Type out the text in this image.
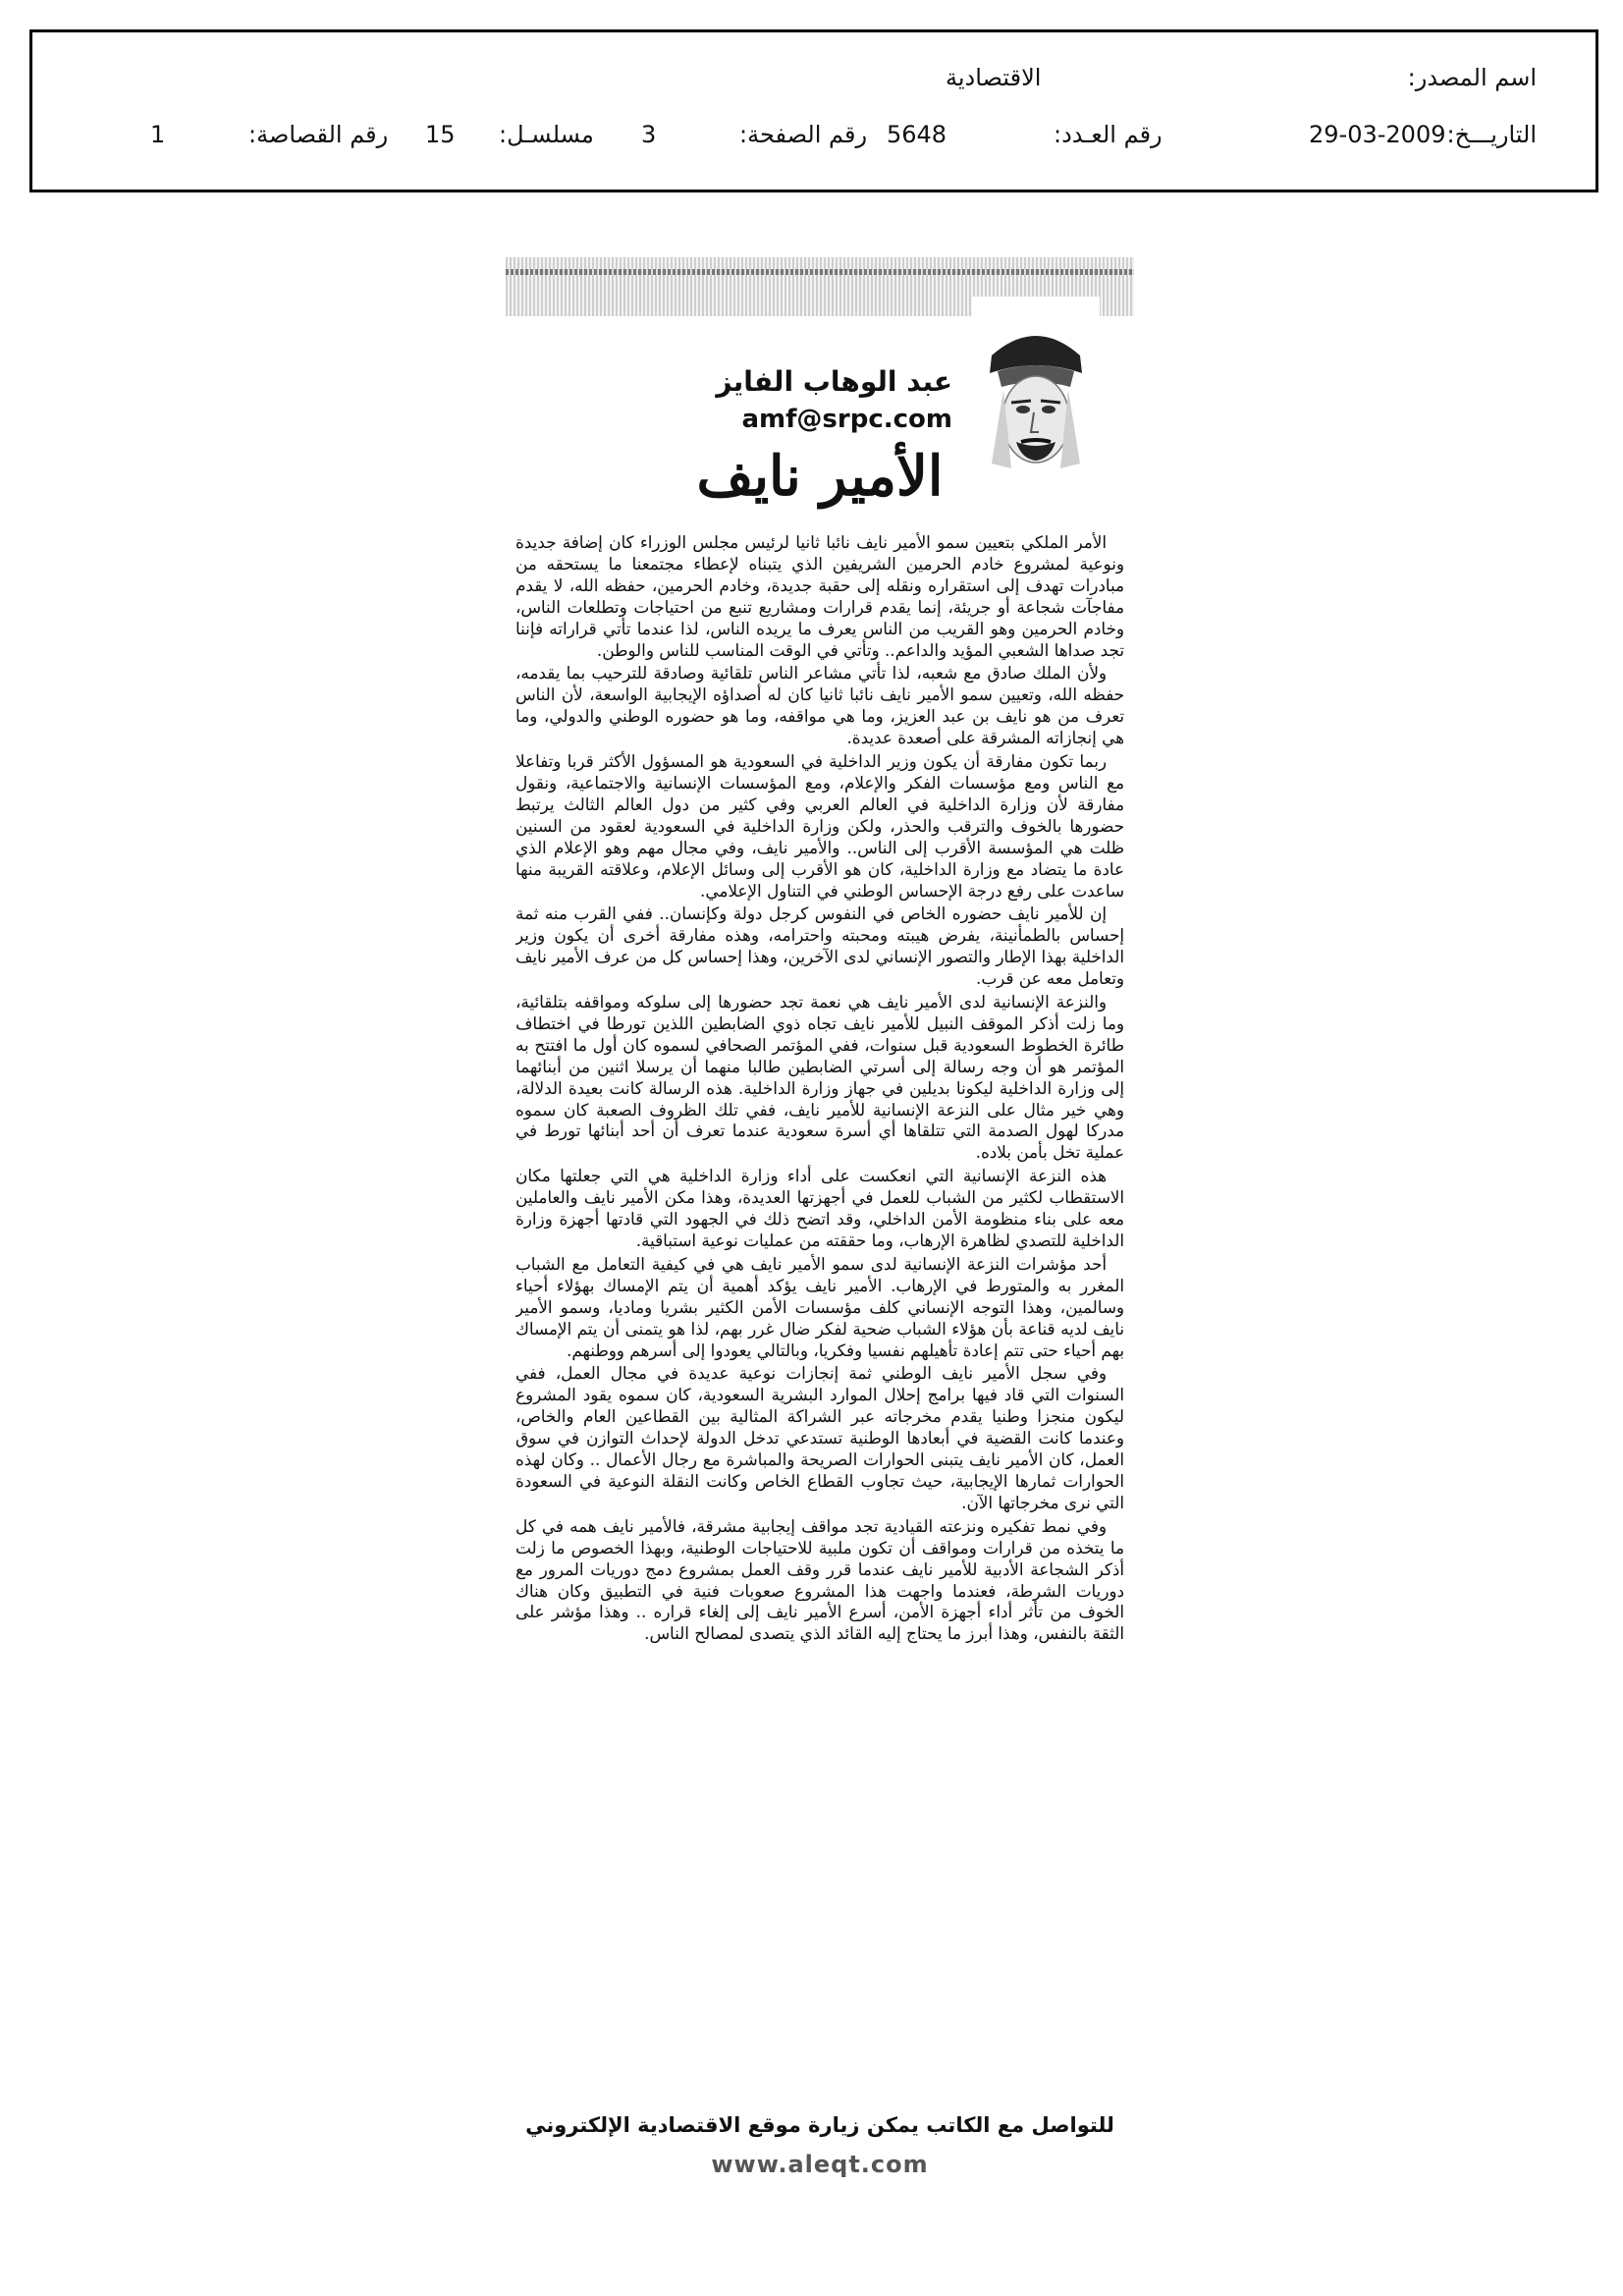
اسم المصدر:
الاقتصادية
التاريـــخ:
29-03-2009
رقم العـدد:
5648
رقم الصفحة:
3
مسلسـل:
15
رقم القصاصة:
1
عبد الوهاب الفايز
amf@srpc.com
الأمير نايف

الأمر الملكي بتعيين سمو الأمير نايف نائبا ثانيا لرئيس مجلس الوزراء كان إضافة جديدة ونوعية لمشروع خادم الحرمين الشريفين الذي يتبناه لإعطاء مجتمعنا ما يستحقه من مبادرات تهدف إلى استقراره ونقله إلى حقبة جديدة، وخادم الحرمين، حفظه الله، لا يقدم مفاجآت شجاعة أو جريئة، إنما يقدم قرارات ومشاريع تنبع من احتياجات وتطلعات الناس، وخادم الحرمين وهو القريب من الناس يعرف ما يريده الناس، لذا عندما تأتي قراراته فإننا تجد صداها الشعبي المؤيد والداعم.. وتأتي في الوقت المناسب للناس والوطن.

ولأن الملك صادق مع شعبه، لذا تأتي مشاعر الناس تلقائية وصادقة للترحيب بما يقدمه، حفظه الله، وتعيين سمو الأمير نايف نائبا ثانيا كان له أصداؤه الإيجابية الواسعة، لأن الناس تعرف من هو نايف بن عبد العزيز، وما هي مواقفه، وما هو حضوره الوطني والدولي، وما هي إنجازاته المشرقة على أصعدة عديدة.

ربما تكون مفارقة أن يكون وزير الداخلية في السعودية هو المسؤول الأكثر قربا وتفاعلا مع الناس ومع مؤسسات الفكر والإعلام، ومع المؤسسات الإنسانية والاجتماعية، ونقول مفارقة لأن وزارة الداخلية في العالم العربي وفي كثير من دول العالم الثالث يرتبط حضورها بالخوف والترقب والحذر، ولكن وزارة الداخلية في السعودية لعقود من السنين ظلت هي المؤسسة الأقرب إلى الناس.. والأمير نايف، وفي مجال مهم وهو الإعلام الذي عادة ما يتضاد مع وزارة الداخلية، كان هو الأقرب إلى وسائل الإعلام، وعلاقته القريبة منها ساعدت على رفع درجة الإحساس الوطني في التناول الإعلامي.

إن للأمير نايف حضوره الخاص في النفوس كرجل دولة وكإنسان.. ففي القرب منه ثمة إحساس بالطمأنينة، يفرض هيبته ومحبته واحترامه، وهذه مفارقة أخرى أن يكون وزير الداخلية بهذا الإطار والتصور الإنساني لدى الآخرين، وهذا إحساس كل من عرف الأمير نايف وتعامل معه عن قرب.

والنزعة الإنسانية لدى الأمير نايف هي نعمة تجد حضورها إلى سلوكه ومواقفه بتلقائية، وما زلت أذكر الموقف النبيل للأمير نايف تجاه ذوي الضابطين اللذين تورطا في اختطاف طائرة الخطوط السعودية قبل سنوات، ففي المؤتمر الصحافي لسموه كان أول ما افتتح به المؤتمر هو أن وجه رسالة إلى أسرتي الضابطين طالبا منهما أن يرسلا اثنين من أبنائهما إلى وزارة الداخلية ليكونا بديلين في جهاز وزارة الداخلية. هذه الرسالة كانت بعيدة الدلالة، وهي خير مثال على النزعة الإنسانية للأمير نايف، ففي تلك الظروف الصعبة كان سموه مدركا لهول الصدمة التي تتلقاها أي أسرة سعودية عندما تعرف أن أحد أبنائها تورط في عملية تخل بأمن بلاده.

هذه النزعة الإنسانية التي انعكست على أداء وزارة الداخلية هي التي جعلتها مكان الاستقطاب لكثير من الشباب للعمل في أجهزتها العديدة، وهذا مكن الأمير نايف والعاملين معه على بناء منظومة الأمن الداخلي، وقد اتضح ذلك في الجهود التي قادتها أجهزة وزارة الداخلية للتصدي لظاهرة الإرهاب، وما حققته من عمليات نوعية استباقية.

أحد مؤشرات النزعة الإنسانية لدى سمو الأمير نايف هي في كيفية التعامل مع الشباب المغرر به والمتورط في الإرهاب. الأمير نايف يؤكد أهمية أن يتم الإمساك بهؤلاء أحياء وسالمين، وهذا التوجه الإنساني كلف مؤسسات الأمن الكثير بشريا وماديا، وسمو الأمير نايف لديه قناعة بأن هؤلاء الشباب ضحية لفكر ضال غرر بهم، لذا هو يتمنى أن يتم الإمساك بهم أحياء حتى تتم إعادة تأهيلهم نفسيا وفكريا، وبالتالي يعودوا إلى أسرهم ووطنهم.

وفي سجل الأمير نايف الوطني ثمة إنجازات نوعية عديدة في مجال العمل، ففي السنوات التي قاد فيها برامج إحلال الموارد البشرية السعودية، كان سموه يقود المشروع ليكون منجزا وطنيا يقدم مخرجاته عبر الشراكة المثالية بين القطاعين العام والخاص، وعندما كانت القضية في أبعادها الوطنية تستدعي تدخل الدولة لإحداث التوازن في سوق العمل، كان الأمير نايف يتبنى الحوارات الصريحة والمباشرة مع رجال الأعمال .. وكان لهذه الحوارات ثمارها الإيجابية، حيث تجاوب القطاع الخاص وكانت النقلة النوعية في السعودة التي نرى مخرجاتها الآن.

وفي نمط تفكيره ونزعته القيادية تجد مواقف إيجابية مشرقة، فالأمير نايف همه في كل ما يتخذه من قرارات ومواقف أن تكون ملبية للاحتياجات الوطنية، وبهذا الخصوص ما زلت أذكر الشجاعة الأدبية للأمير نايف عندما قرر وقف العمل بمشروع دمج دوريات المرور مع دوريات الشرطة، فعندما واجهت هذا المشروع صعوبات فنية في التطبيق وكان هناك الخوف من تأثر أداء أجهزة الأمن، أسرع الأمير نايف إلى إلغاء قراره .. وهذا مؤشر على الثقة بالنفس، وهذا أبرز ما يحتاج إليه القائد الذي يتصدى لمصالح الناس.

للتواصل مع الكاتب يمكن زيارة موقع الاقتصادية الإلكتروني
www.aleqt.com
